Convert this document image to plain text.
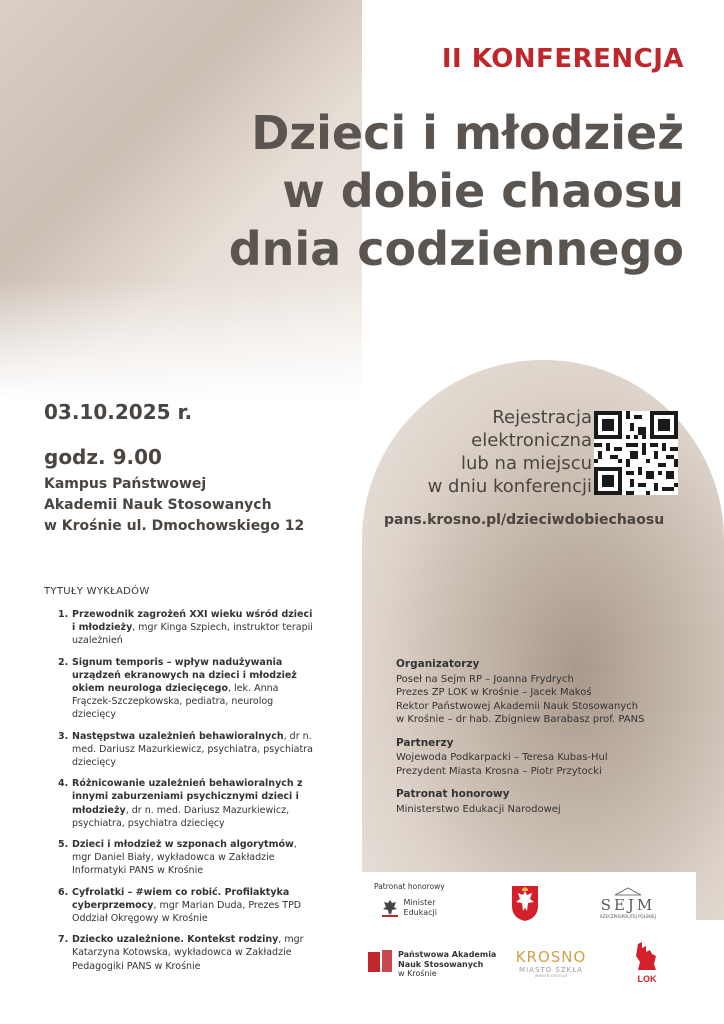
II KONFERENCJA
Dzieci i młodzież
w dobie chaosu
dnia codziennego
03.10.2025 r.
godz. 9.00
Kampus Państwowej
Akademii Nauk Stosowanych
w Krośnie ul. Dmochowskiego 12
Rejestracja
elektroniczna
lub na miejscu
w dniu konferencji
pans.krosno.pl/dzieciwdobiechaosu
TYTUŁY WYKŁADÓW
1. Przewodnik zagrożeń XXI wieku wśród dzieci i młodzieży, mgr Kinga Szpiech, instruktor terapii uzależnień
2. Signum temporis – wpływ nadużywania urządzeń ekranowych na dzieci i młodzież okiem neurologa dziecięcego, lek. Anna Frączek-Szczepkowska, pediatra, neurolog dziecięcy
3. Następstwa uzależnień behawioralnych, dr n. med. Dariusz Mazurkiewicz, psychiatra, psychiatra dziecięcy
4. Różnicowanie uzależnień behawioralnych z innymi zaburzeniami psychicznymi dzieci i młodzieży, dr n. med. Dariusz Mazurkiewicz, psychiatra, psychiatra dziecięcy
5. Dzieci i młodzież w szponach algorytmów, mgr Daniel Biały, wykładowca w Zakładzie Informatyki PANS w Krośnie
6. Cyfrolatki – #wiem co robić. Profilaktyka cyberprzemocy, mgr Marian Duda, Prezes TPD Oddział Okręgowy w Krośnie
7. Dziecko uzależnione. Kontekst rodziny, mgr Katarzyna Kotowska, wykładowca w Zakładzie Pedagogiki PANS w Krośnie
Organizatorzy
Poseł na Sejm RP – Joanna Frydrych
Prezes ZP LOK w Krośnie – Jacek Makoś
Rektor Państwowej Akademii Nauk Stosowanych
w Krośnie – dr hab. Zbigniew Barabasz prof. PANS
Partnerzy
Wojewoda Podkarpacki – Teresa Kubas-Hul
Prezydent Miasta Krosna – Piotr Przytocki
Patronat honorowy
Ministerstwo Edukacji Narodowej
Patronat honorowy

Minister
Edukacji	SEJM
RZECZPOSPOLITEJ POLSKIEJ
Państwowa Akademia
Nauk Stosowanych
w Krośnie
KROSNO
MIASTO SZKŁA
www.krosno.pl	LOK
